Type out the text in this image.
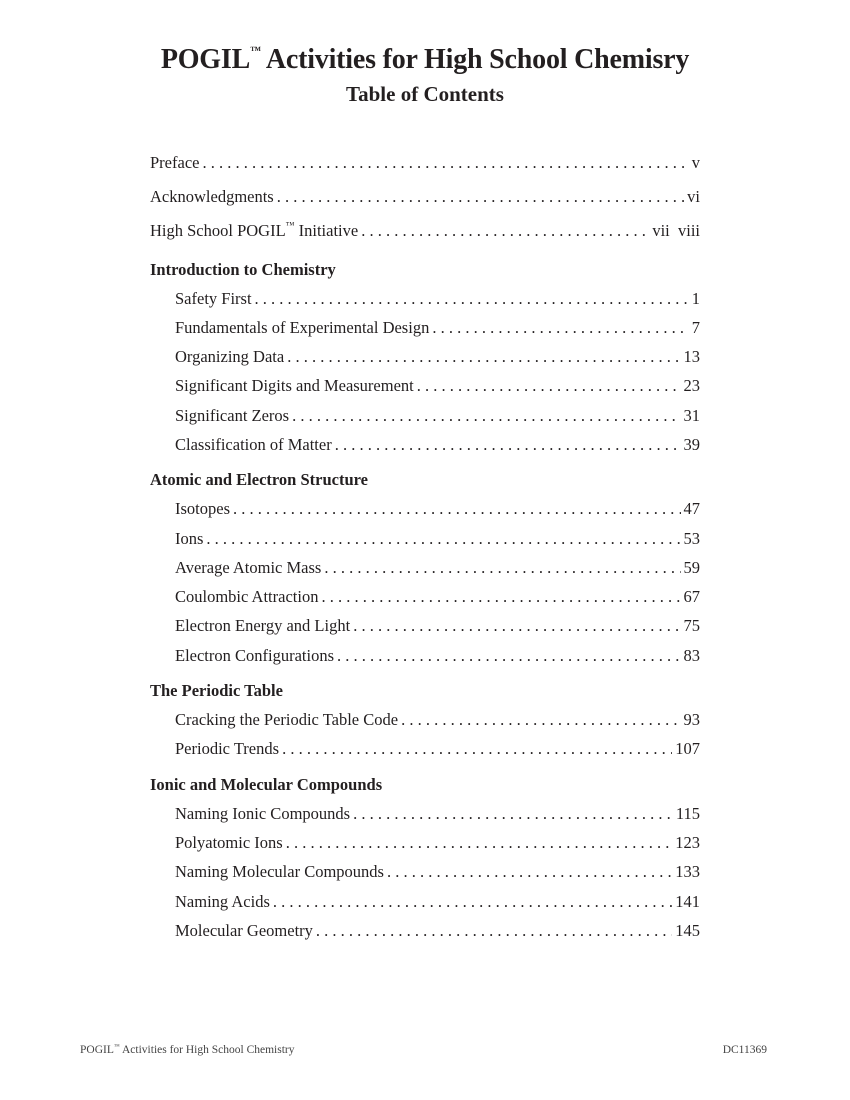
POGIL™ Activities for High School Chemisry
Table of Contents
Preface . . .	v
Acknowledgments . . .	vi
High School POGIL™ Initiative . . .	vii  viii
Introduction to Chemistry
Safety First . . .	1
Fundamentals of Experimental Design . . .	7
Organizing Data . . .	13
Significant Digits and Measurement . . .	23
Significant Zeros . . .	31
Classification of Matter . . .	39
Atomic and Electron Structure
Isotopes . . .	47
Ions . . .	53
Average Atomic Mass . . .	59
Coulombic Attraction . . .	67
Electron Energy and Light . . .	75
Electron Configurations . . .	83
The Periodic Table
Cracking the Periodic Table Code . . .	93
Periodic Trends . . .	107
Ionic and Molecular Compounds
Naming Ionic Compounds . . .	115
Polyatomic Ions . . .	123
Naming Molecular Compounds . . .	133
Naming Acids . . .	141
Molecular Geometry . . .	145
POGIL™ Activities for High School Chemistry	DC11369
